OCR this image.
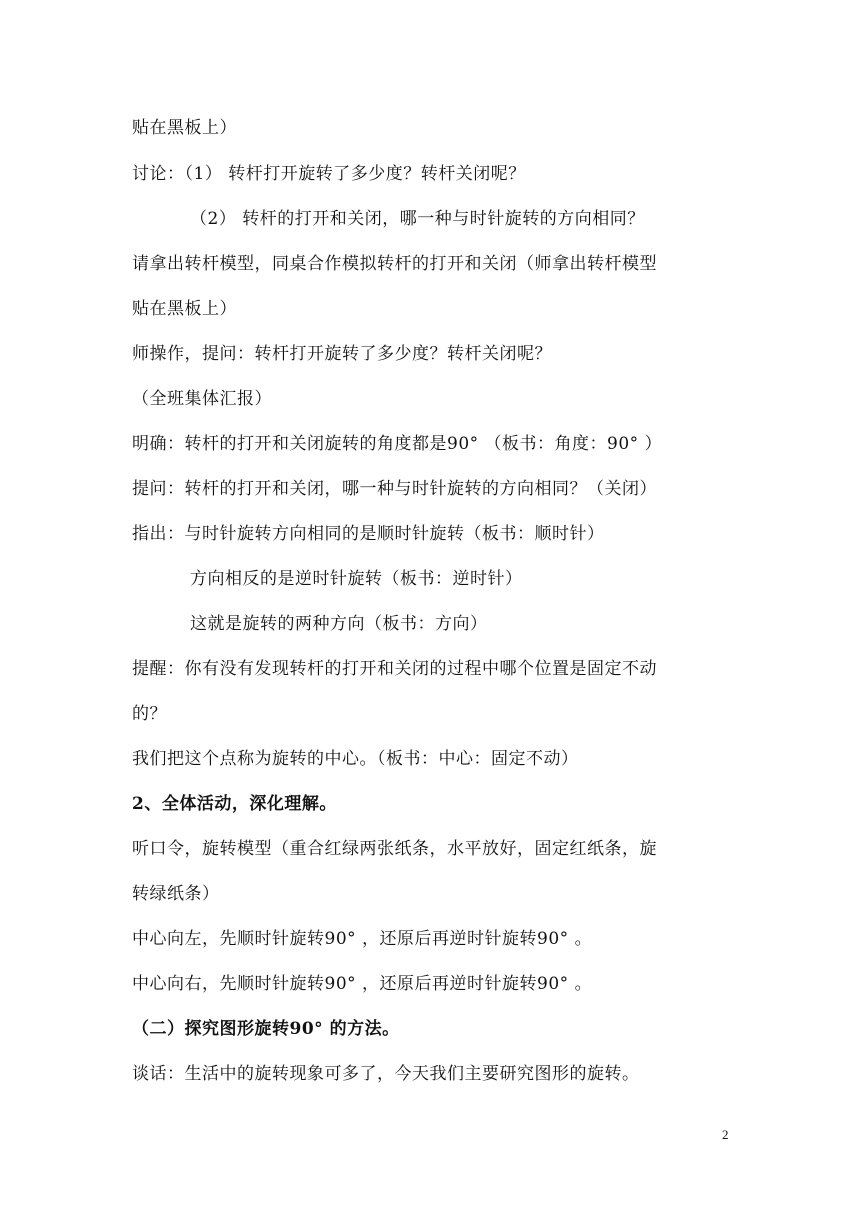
贴在黑板上）
讨论：（1） 转杆打开旋转了多少度？转杆关闭呢？
（2） 转杆的打开和关闭，哪一种与时针旋转的方向相同？
请拿出转杆模型，同桌合作模拟转杆的打开和关闭（师拿出转杆模型
贴在黑板上）
师操作，提问：转杆打开旋转了多少度？转杆关闭呢？
（全班集体汇报）
明确：转杆的打开和关闭旋转的角度都是90° （板书：角度：90° ）
提问：转杆的打开和关闭，哪一种与时针旋转的方向相同？（关闭）
指出：与时针旋转方向相同的是顺时针旋转（板书：顺时针）
方向相反的是逆时针旋转（板书：逆时针）
这就是旋转的两种方向（板书：方向）
提醒：你有没有发现转杆的打开和关闭的过程中哪个位置是固定不动
的？
我们把这个点称为旋转的中心。（板书：中心：固定不动）
2、全体活动，深化理解。
听口令，旋转模型（重合红绿两张纸条，水平放好，固定红纸条，旋
转绿纸条）
中心向左，先顺时针旋转90° ，还原后再逆时针旋转90° 。
中心向右，先顺时针旋转90° ，还原后再逆时针旋转90° 。
（二）探究图形旋转90° 的方法。
谈话：生活中的旋转现象可多了，今天我们主要研究图形的旋转。
2
